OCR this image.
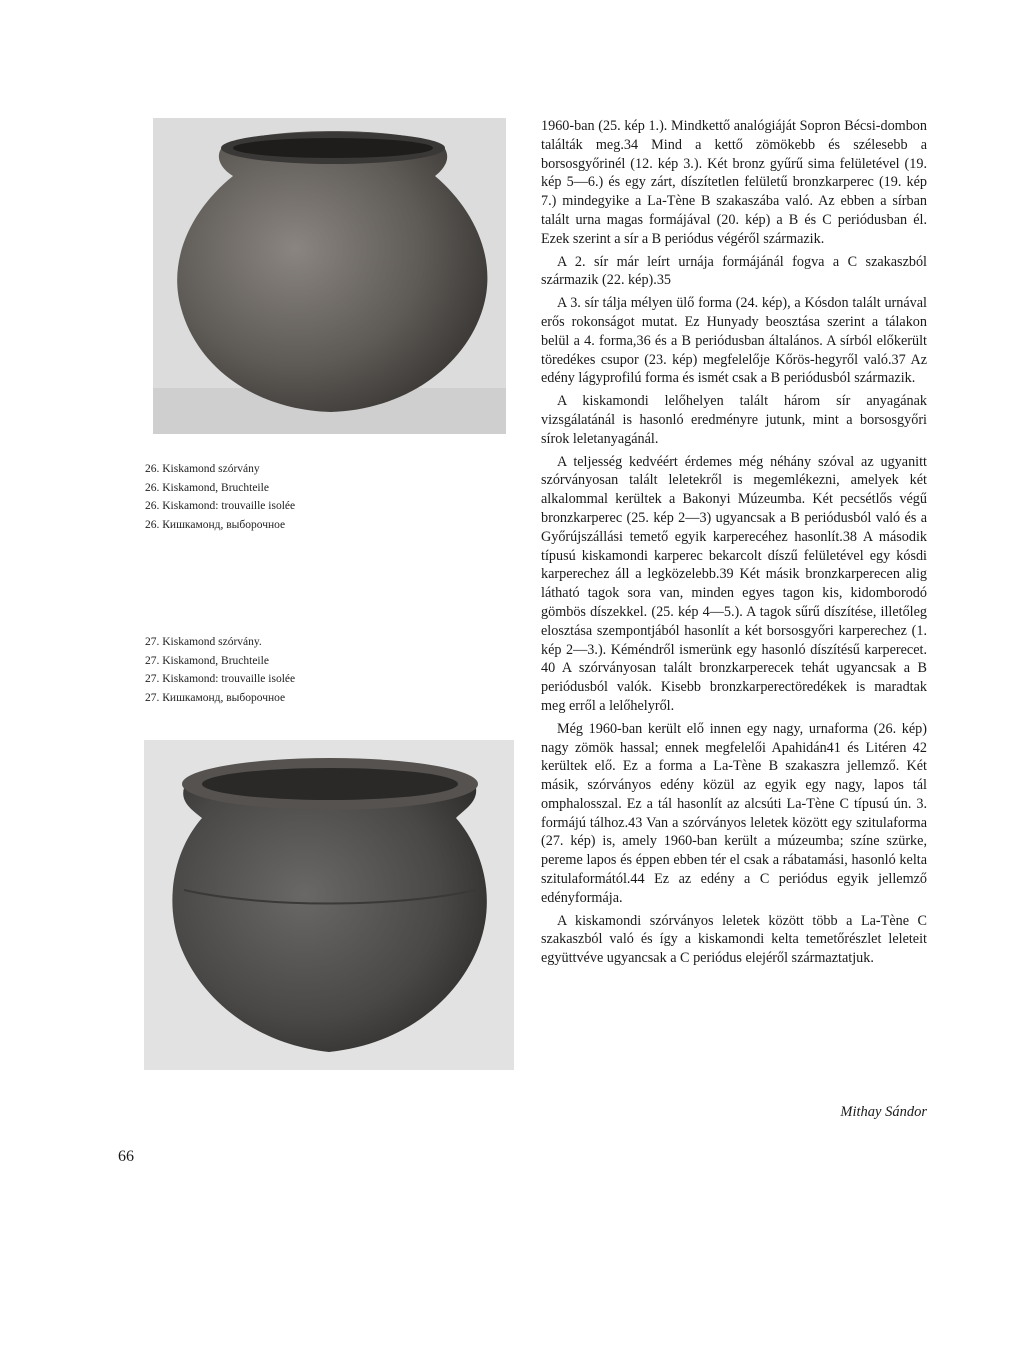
26. Kiskamond szórvány
26. Kiskamond, Bruchteile
26. Kiskamond: trouvaille isolée
26. Кишкамонд, выборочное
27. Kiskamond szórvány.
27. Kiskamond, Bruchteile
27. Kiskamond: trouvaille isolée
27. Кишкамонд, выборочное

1960-ban (25. kép 1.). Mindkettő analógiáját Sopron Bécsi-dombon találták meg.34 Mind a kettő zömökebb és szélesebb a borsosgyőrinél (12. kép 3.). Két bronz gyűrű sima felületével (19. kép 5—6.) és egy zárt, díszítetlen felületű bronzkarperec (19. kép 7.) mindegyike a La-Tène B szakaszába való. Az ebben a sírban talált urna magas formájával (20. kép) a B és C periódusban él. Ezek szerint a sír a B periódus végéről származik.

A 2. sír már leírt urnája formájánál fogva a C szakaszból származik (22. kép).35

A 3. sír tálja mélyen ülő forma (24. kép), a Kósdon talált urnával erős rokonságot mutat. Ez Hunyady beosztása szerint a tálakon belül a 4. forma,36 és a B periódusban általános. A sírból előkerült töredékes csupor (23. kép) megfelelője Kőrös-hegyről való.37 Az edény lágyprofilú forma és ismét csak a B periódusból származik.

A kiskamondi lelőhelyen talált három sír anyagának vizsgálatánál is hasonló eredményre jutunk, mint a borsosgyőri sírok leletanyagánál.

A teljesség kedvéért érdemes még néhány szóval az ugyanitt szórványosan talált leletekről is megemlékezni, amelyek két alkalommal kerültek a Bakonyi Múzeumba. Két pecsétlős végű bronzkarperec (25. kép 2—3) ugyancsak a B periódusból való és a Győrújszállási temető egyik karperecéhez hasonlít.38 A második típusú kiskamondi karperec bekarcolt díszű felületével egy kósdi karperechez áll a legközelebb.39 Két másik bronzkarperecen alig látható tagok sora van, minden egyes tagon kis, kidomborodó gömbös díszekkel. (25. kép 4—5.). A tagok sűrű díszítése, illetőleg elosztása szempontjából hasonlít a két borsosgyőri karperechez (1. kép 2—3.). Kéméndről ismerünk egy hasonló díszítésű karperecet. 40 A szórványosan talált bronzkarperecek tehát ugyancsak a B periódusból valók. Kisebb bronzkarperectöredékek is maradtak meg erről a lelőhelyről.

Még 1960-ban került elő innen egy nagy, urnaforma (26. kép) nagy zömök hassal; ennek megfelelői Apahidán41 és Litéren 42 kerültek elő. Ez a forma a La-Tène B szakaszra jellemző. Két másik, szórványos edény közül az egyik egy nagy, lapos tál omphalosszal. Ez a tál hasonlít az alcsúti La-Tène C típusú ún. 3. formájú tálhoz.43 Van a szórványos leletek között egy szitulaforma (27. kép) is, amely 1960-ban került a múzeumba; színe szürke, pereme lapos és éppen ebben tér el csak a rábatamási, hasonló kelta szitulaformától.44 Ez az edény a C periódus egyik jellemző edényformája.

A kiskamondi szórványos leletek között több a La-Tène C szakaszból való és így a kiskamondi kelta temetőrészlet leleteit együttvéve ugyancsak a C periódus elejéről származtatjuk.

Mithay Sándor
66
